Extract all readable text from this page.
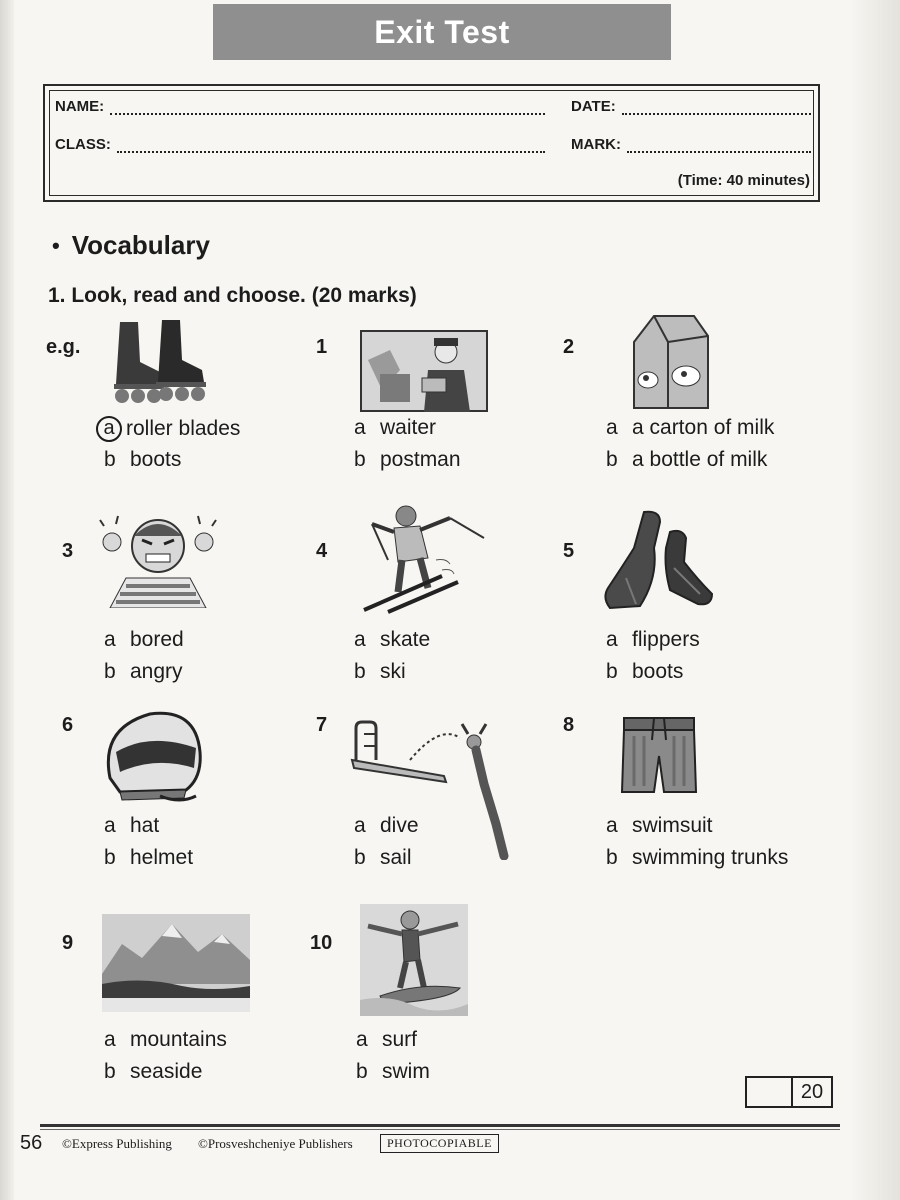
Exit Test
NAME:	DATE:
CLASS:	MARK:
(Time: 40 minutes)
• Vocabulary
1. Look, read and choose. (20 marks)
e.g.
a roller blades
b boots
1
a waiter
b postman
2
a a carton of milk
b a bottle of milk
3
a bored
b angry
4
a skate
b ski
5
a flippers
b boots
6
a hat
b helmet
7
a dive
b sail
8
a swimsuit
b swimming trunks
9
a mountains
b seaside
10
a surf
b swim
20
56 ©Express Publishing ©Prosveshcheniye Publishers	PHOTOCOPIABLE
